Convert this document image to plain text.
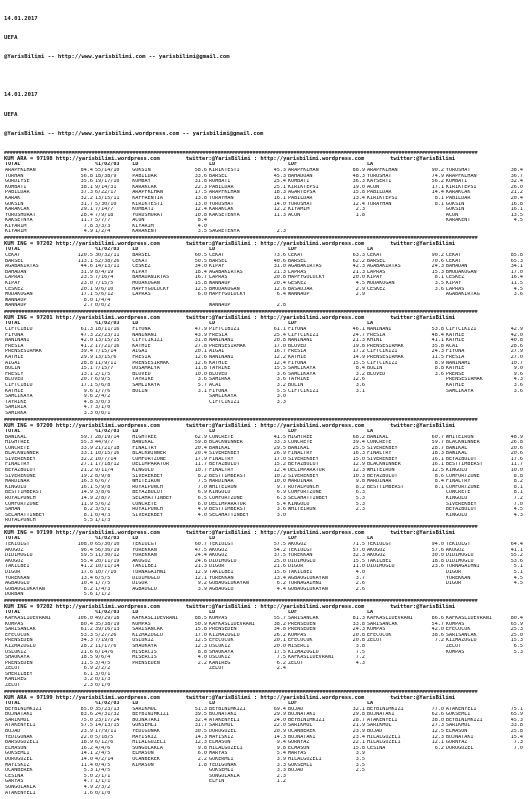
14.01.2017

UEFA

@YarisBilimi -- http://www.yarisbilimi.com -- yarisbilimi@gmail.com

14.01.2017

UEFA

@YarisBilimi -- http://www.yarisbilimi.wordpress.com -- yarisbilimi@gmail.com

##################################################################################################################################################################
KUM ARA = 97198 http://yarisbilimi.wordpress.com        twitter:@YarisBilimi : http://yarisbilimi.wordpress.com        twitter:@YarisBilimi
TOTAL		%1/02/03	LD		LD		LDF		LA			
ARAPFKLHAN	84.4	55/14/10	GOKSIN	58.6	KIRIKTESTI	45.3	ARAPFKLHAN	88.9	ARAPFKLHAN	90.2	YURUSHAT	38.4
TURHAN	56.8	18/38/9	PABILDAR	33.6	BARSEL	45.3	BAHADUAN	48.3	YURUSHAT	74.9	ARAPFKLHAN	36.7
GURDIYSE	35.6	19/17/10	KOMBAY	31.8	ROMBATI	25.4	KOMBATI	36.3	KAYSERTI	56.2	KOMBATI	32.4
KOMBATI	38.1	9/14/31	KARAKCAK	22.3	PABILDAR	25.1	KIRIKTEPSI	19.0	ACUN	17.1	KIRIKTEPSI	26.0
PABILDAR	37.3	6/22/17	ARAPFKLHAN	17.5	ARAPFKLHAN	18.3	AGARTEPSA	15.8	PABILDAR	14.4	KARAKCAK	21.2
KARAK	32.2	13/15/11	KAFFRENTIA	13.8	TURAYHAN	16.1	PABILDAR	13.4	KIRIKTEPSI	8.1	PABILDAR	20.4
GOKSIN	31.7	5/30/10	KIRIKTESTI	13.0	YURUSHAT	14.0	YURUSHAT	12.4	TURAYHAN	8.1	GOKSIN	16.8
KARAKCAK	29.1	7/14/7	KOMBATI	12.4	KARAKCAK	12.2	KIYAMIM	2.3			GOKSIN	16.1
YURUSHURAT	28.4	7/9/18	YURUSHURAT	10.8	KAKSETENYA	11.3	ACUN	1.8			ACUN	13.5
KAKSETNYA	11.7	5/7/7	ACUN	8.4							KARAKENT	4.5
KIYARIM	7.8	3/3/3	KIYARIM	4.0								
KIYARIM	4.9	1/2/4	KARAKENT	3.5	SAGRETENYA	2.3						
##################################################################################################################################################################
KUM ING = 97202 http://yarisbilimi.wordpress.com        twitter:@YarisBilimi : http://yarisbilimi.wordpress.com        twitter:@YarisBilimi
TOTAL		%1/02/03	LD		LD		LDF		LA			
CEKAT	120.5	30/32/11	BARSEL	60.5	CEKAT	73.6	CEKAT	63.3	CEKAT	90.2	CEKAT	85.8
BARSEL	113.1	52/38/26	CEKAT	50.5	BARSEL	40.6	BARSEL	62.2	BARSEL	70.6	CEKAT	65.3
AGABAKIRTAS	44.6	14/13/11	CESKEZ	34.0	KIPAY	31.0	AGABAKIRTAS	42.3	AGABAKIRTAS	24.3	BAHADAN	34.1
BAHADAN	31.9	8/4/19	KIPAY	18.4	AGABAKIRTAS	21.3	LAPRAS	21.3	LAPRAS	15.3	BMODAKOGAN	17.0
LAPRAS	23.5	7/16/4	BAHADANIRTAS	16.7	LAPRAS	20.8	HAPFYGOLUCKY	20.0	KIPAY	8.1	CESKEZ	16.4
KIPAY	23.0	7/15/5	MODAKOGAN	15.8	WANNAUP	20.4	GESKEZ	4.5	MODAKOGAN	3.5	KIPAY	11.5
CESKEZ	20.1	9/6/10	HAPFYGOLUCKY	12.5	BMODAKOGAN	12.6	BASADJAR	2.9	CESKEZ	3.6	LAPRAS	4.5
MODAKOGAN	17.1	5/6/12	LAPRAS	6.0	HAPFYGOLUCKY	6.4	WANNAUP	2.9			AGABAKIRTAG	3.6
WANNAUP	8.0	1/4/4										
WANNAUP	2.7	0/0/2			WANNAUP	2.8						
##################################################################################################################################################################
KUM ING = 97201 http://yarisbilimi.wordpress.com        twitter:@YarisBilimi : http://yarisbilimi.wordpress.com        twitter:@YarisBilimi
TOTAL		%1/02/03	LD		LD		LDF		LA			
CIFTCIBLU	61.3	18/11/16	FIYONA	47.9	PIFTCIBIZI	61.1	FIYONA	46.1	NANINANI	53.8	CIFTCIKIZI	42.9
FIYONA	47.3	22/23/11	NANINANI	43.9	FRESIA	25.4	CIFTCIKIZI	24.7	FRESIA	48.4	KATHIE	42.0
NANINANI	42.0	13/15/15	CIFTCIKIZI	31.8	NANINANI	20.8	NANINANI	21.3	KHINI	41.1	KATHIE	40.8
FRESIA	41.2	17/21/16	KATHIE	27.8	PRENSESIRMAK	17.0	BLOVED	19.8	PRENSESIRMAK	35.8	ACAI	28.6
PRENSESIRMAK	39.4	7/15/14	AIGAI	20.1	AIGAI	16.7	FRESIA	17.2	CIFTCIKIZI	24.3	FIYONA	27.9
KATHIE	29.9	13/15/6	FRESIA	12.6	NANINANI	12.2	KATHIE	14.9	PRENSESIRMAK	11.5	FRESIA	27.0
AIGAI	28.8	11/9/11	PRENSESIRMAK	12.6	KATHIE	12.4	FIYONA	15.5	CIFTCIKIZI	8.9	NANINAMI	10.7
BULIN	15.1	7/15/7	DOSAMALYA	11.8	TAYRIKE	15.5	SAMLIKAYA	8.4	BULIN	8.8	KATHIE	9.0
FRESLY	13.1	2/1/5	BLOVED	10.0	BLOVED	3.6	SAMLIKAYA	3.2	BLOVED	3.6	PRENSE	9.6
BLOVED	20.7	6/9/5	TAYRIKE	3.6	SAMIRKA	3.6	TAYRIKE	12.6			PRENSESIRMAK	4.3
CIFTCIBLU	17.1	5/6/8	SAMLIKAYA	5.7	ACAI	3.2	BULIN	3.6			KATHIE	3.6
KATHIE	9.6	1/7/6	BULIN	3.1	FIYONA	5.5	CIFTCIKIZI	3.1			SAMLIKAYA	3.6
SAMLIKAYA	9.6	2/4/2			SAMLIKAYA	3.0						
TAYRIKE	4.8	3/0/3			CIFTCIKIZI	3.3						
SAMIRIA	4.7	3/1/0										
SAMIRKA	3.3	0/0/1										
##################################################################################################################################################################
KUM ING = 97200 http://yarisbilimi.wordpress.com        twitter:@YarisBilimi : http://yarisbilimi.wordpress.com        twitter:@YarisBilimi
TOTAL		%1/02/03	LD		LD		LDF		LA			
BAWIKAL	59.7	28/19/14	HIGHTREE	62.9	CONCRETE	41.5	HIGHTREE	68.2	BAWIKAL	60.7	WHITEIRON	48.9
HIGHTREE	55.3	44/9/7	BAWIKAL	59.8	BLACKWINNER	33.3	CONCRETE	39.4	CONCRETE	59.7	BLACKWINNER	26.8
CONCRETE	33.9	21/21/18	FINALTRY	20.4	BAWIKAL	29.5	BAWIKAL	25.5	SIVEREKBEY	28.7	BAWIKAL	20.6
BLACKWINNER	33.1	10/15/16	BLACKWINNER	20.4	SIVEREKBEY	26.9	FINALTRY	16.3	FINALTRY	18.3	BAWIKAL	20.6
SIVEREKBEY	32.2	10/7/14	COMFORTZONE	17.9	FINALTRY	17.0	SIVEREKBEY	15.0	SIVEREKBEY	16.1	BEYAZBULUT	17.6
FINALTRY	27.1	17/18/12	DELIMPARATOR	11.7	BEYAZBULUT	15.2	BEYAZBULUT	12.9	BLACKWINNER	16.1	BESTTIMBERST	11.7
BEYAZBULUT	21.2	9/11/4	KINGOLU	10.7	FINALTRY	12.4	DELIMPARATOR	12.3	WHITEIRON	12.5	KINGOLU	10.0
SIVEREKONE	19.2	8/9/8	SIVEREKBEY	8.2	BESTTIMBERST	10.2	SIVEREKBEY	10.3	BEYAZBULUT	8.6	COMFORTZONE	8.8
MARDINAR	16.3	6/6/7	WHITEIRON	7.5	MARDINAR	10.0	MARDINAR	9.8	MARDINAR	8.4	FINALTRY	8.2
KINGOLU	16.1	5/9/8	ROYALPUNCH	7.0	WHITEIRON	9.7	ROYALPUNCH	8.2	BESTTIMBERST	8.1	COMFORTZONE	8.1
BESTTIMBERST	14.9	3/8/6	BEYAZBULUT	6.9	KINGOLU	6.9	COMFORTZONE	6.3			CONCRETE	8.1
ROYALPUNCH	14.9	2/8/7	SELAHATTINBEY	6.5	COMFORTZONE	6.3	SELAHATTINBEY	5.3			KINGOLU	7.2
COMFORTZONE	11.9	5/6/2	CONCRETE	6.0	DELIMPARATOR	5.4	KINGOLU	5.3			SIVEREKBEY	7.0
SAHAN	8.2	3/5/1	ROYALPUNCH	4.9	BESTTIMBERST	3.6	WHITEIRON	2.3			BEYAZBULUT	4.5
SELAHATTINBEY	8.1	0/4/3	SIVEREKBEY	4.0	SELAHATTINBEY	3.0					KINGOLU	4.3
ROYALPUNCH	5.5	1/1/3										
##################################################################################################################################################################
KUM ING = 97199 http://yarisbilimi.wordpress.com        twitter:@YarisBilimi : http://yarisbilimi.wordpress.com        twitter:@YarisBilimi
TOTAL		%1/02/03	LD		LD		LDF		LA			
TEKIULGT	108.0	65/30/10	TEKIULGT	60.7	TEKIULGT	57.5	AKOGUZ	71.5	TEKIULGT	94.0	TEKIULGT	64.4
AKOGUZ	96.4	56/36/19	YUREKKAN	47.5	AKOGUZ	54.2	TEKIULGT	57.0	AKOGUZ	57.6	AKOGUZ	41.1
DIDIMOGLU	59.5	11/30/12	YUREKKAN	24.4	AKOGUZ	37.5	YUREKKAN	32.3	AKOGUZ	30.0	DIDIMOGLU	55.2
AKOGUZ	55.4	20/11/19	AKOGUZ	24.6	DIDIMOGLU	25.0	DIDIMOGLU	15.5	TAKILBEI	18.8	DIDIMOGLU	53.6
TAKILBEI	41.2	10/11/14	TAKILBEI	21.3	DIGOR	21.6	DIGOR	11.0	DIDIMOGLU	23.6	TURNAGAIHNI	5.1
DIGOR	17.6	10/7/10	TURNAGAIHNI	12.9	TAKILBEI	15.6	TAKILBEI	4.0			DIGOR	5.1
YUREKKAN	13.4	6/5/5	DIDIMOGLU	12.1	YUREKKAN	13.4	AGBAOGLUKAYAN	3.7			YUREKKAN	4.5
AGBAOGLU	10.4	1/7/5	DIGOR	9.2	GOBAOGLUKAYAN	6.2	TURNAGAIHNI	2.6			DIGOR	4.5
GOBAOGLUKAYAN	8.2	1/4/3	AGBAOGLU	3.9	AGBAOGLU	4.4	GOBAOGLUKAYAN	2.6				
DURBAN	5.6	1/1/2										
##################################################################################################################################################################
KUM ING = 97202 http://yarisbilimi.wordpress.com        twitter:@YarisBilimi : http://yarisbilimi.wordpress.com        twitter:@YarisBilimi
TOTAL		%1/02/03	LD		LD		LDF		LA			
KAFKASLIDEVRANI	106.0	49/29/18	KAFKASLIDEVRANI	88.5	KOMPAS	55.7	SARISANCAK	81.3	KAFKASLIDEVRANI	86.6	KAFKASLIDEVRANI	80.4
KOMPAS	80.4	35/38/19	KOMPAS	50.9	KAFKASLIDEVRANI	38.2	PRENSEDEN	33.8	SARISANCAK	54.7	KOMPAS	65.9
SARISANCAK	61.2	39/16/13	SARISANCAK	15.8	PRENSEDEN	34.8	PRENSEDEN	24.3	KOMPAS	42.0	EFECOCUK	25.3
EFECOCUK	53.3	5/27/26	KIZMAZOGLU	17.0	KIZMAZOGLU	26.2	KOMPAS	20.8	EFECOCUK	38.6	SARISANCAK	25.0
PRENSEDEN	34.3	7/19/8	USLUKIZ	12.5	EFECOCUK	20.1	EFECOCUK	20.8	ZELOT	7.2	KIZMAZOGLU	15.3
KIZMAZOGLU	28.2	11/17/6	SHAOKAYA	12.3	USLUKIZ	20.0	MISERCI	3.8			ZELOT	6.5
USLUKIZ	21.6	6/14/6	MISERCIS	8.8	SHAOKAYA	17.5	KIZMAZOGLU	7.5			KOMPAS	5.3
SHAOKAYA	18.5	9/6/4	MISERCIS	4.0	USLUKIZ	7.5	KAFKASLIDEVRANI	7.2				
PRENSEDEN	11.5	3/4/5	PRENSEDEN	2.2	KANIREG	6.2	ZELOT	4.3				
ZELOT	6.9	2/2/2			ZELOT	2.4						
SHERILBEY	6.1	3/0/1										
KANIREG	3.2	0/1/3										
ZELOT	2.3	0/1/0										
##################################################################################################################################################################
KUM ARA = 97199 http://yarisbilimi.wordpress.com        twitter:@YarisBilimi : http://yarisbilimi.wordpress.com        twitter:@YarisBilimi
TOTAL		%1/02/03	LD		LD		LDF		LA			
BEYBINIMKIZI	85.0	35/23/13	SARIKMUL	51.3	BEYBINIMKIZI	69.4	BOJAD	32.1	BEYBINIMKIZI	77.0	ATAKENYELI	75.1
BOJNATAKI	83.6	24/31/32	BEYBINIMKIZI	39.5	BOJNATAKI	29.9	BOJNATAKI	29.8	BOJNATAKI	62.6	GOKSEMLI	65.9
SARIKMUL	75.0	23/17/24	BOJNATAKI	32.4	ATAKENYELI	24.0	BEYBINIMKIZI	28.7	ATAKENYELI	38.0	BEYBINIMKIZI	45.3
ATAKENYELI	57.5	14/13/15	GOKSEMLI	31.7	SARIKMUL	22.0	SARIKMUL	21.9	SARIKMUL	27.3	SARIKMUL	33.8
BOJAD	23.9	17/9/11	YEDIGONAK	30.5	DORUGUZEL	20.9	UCANBEREK	23.9	BOJAD	12.5	ELMASON	25.8
YEDIGONAK	22.0	5/18/5	MAYISKIZ	14.3	MAYISKIZ	14.3	BOJNATAKI	23.4	HILALGUZELI	12.3	BOJNATAKI	15.4
BARSOGUZELI	18.9	6/12/6	HILALGUZELI	12.3	ELMASON	9.4	GORNYAZ	22.1	HILALGUZELI	12.1	GORNYAZ	7.3
ELMASON	16.2	4/4/6	SONGULAKLA	9.8	HILALGUZELI	9.8	ELMASON	15.8	CESINA	6.2	DORUGUZEL	7.0
GOKSEMLI	14.1	2/4/5	ELMASON	6.0	MARYAS	5.4	MARYAS	3.9				
DORUGUZEL	14.0	4/2/14	UCANBEREK	2.2	GOKERMLI	3.9	HILALGUZELI	3.5				
MAYISKIZ	11.4	0/4/5	KIMASON	1.8	YEDIGONAK	3.3	GOKSEMLI	3.5				
UCANBEREK	5.3	1/4/5			GOKSEMLI	3.3	BOJAD	2.5				
CESINA	5.0	2/1/1			SONGULAKLA	2.3						
GARYAS	4.7	1/1/1			ELFIN	1.2						
SONGULAKLA	4.9	2/3/2										
ATAKENYELI	1.6	0/1/0										
